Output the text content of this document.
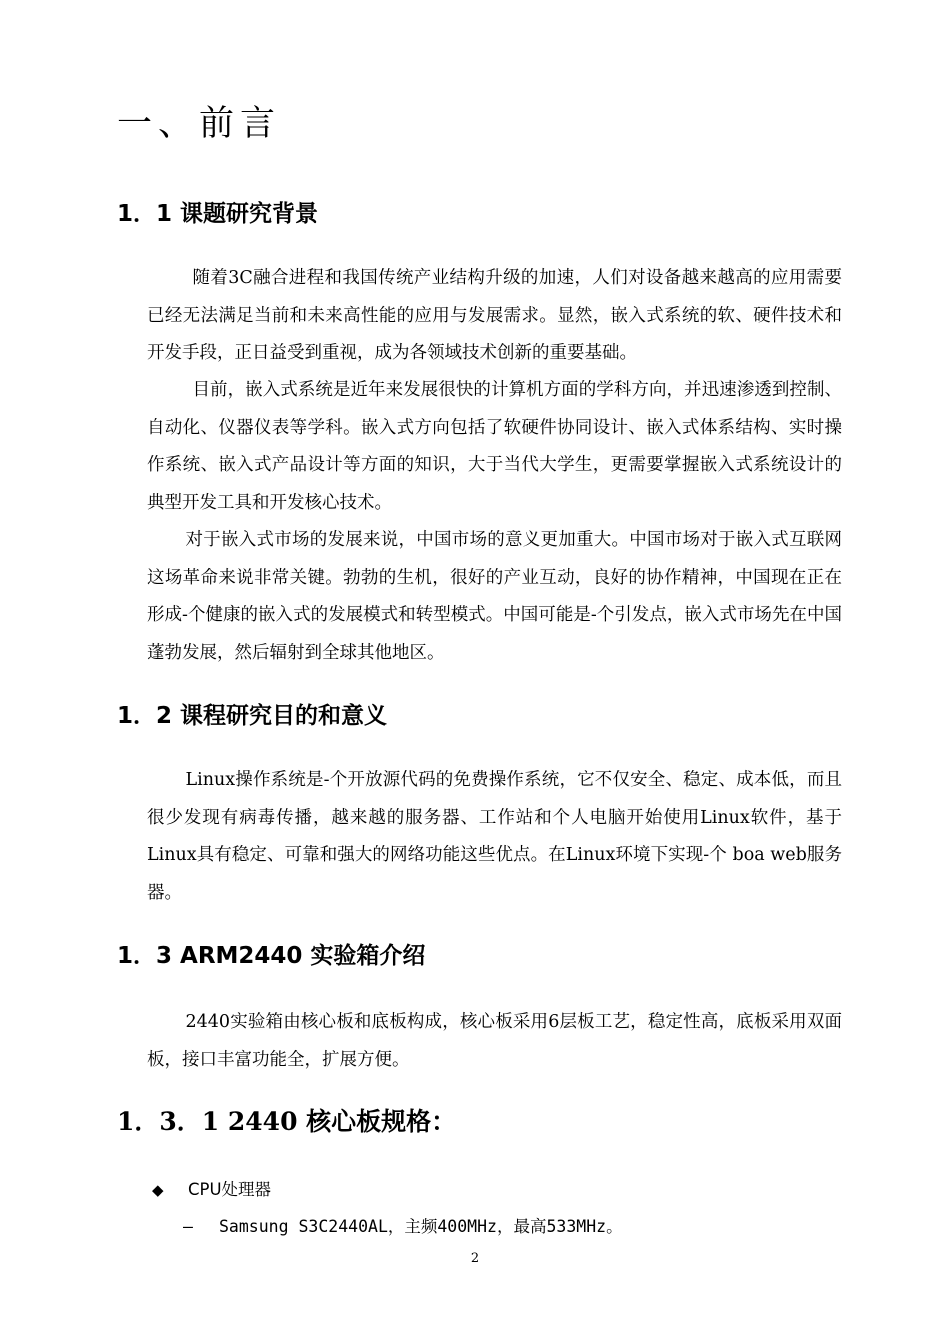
一、前言
1．1 课题研究背景
随着3C融合进程和我国传统产业结构升级的加速，人们对设备越来越高的应用需要已经无法满足当前和未来高性能的应用与发展需求。显然，嵌入式系统的软、硬件技术和开发手段，正日益受到重视，成为各领域技术创新的重要基础。
目前，嵌入式系统是近年来发展很快的计算机方面的学科方向，并迅速渗透到控制、自动化、仪器仪表等学科。嵌入式方向包括了软硬件协同设计、嵌入式体系结构、实时操作系统、嵌入式产品设计等方面的知识，大于当代大学生，更需要掌握嵌入式系统设计的典型开发工具和开发核心技术。
对于嵌入式市场的发展来说，中国市场的意义更加重大。中国市场对于嵌入式互联网这场革命来说非常关键。勃勃的生机，很好的产业互动，良好的协作精神，中国现在正在形成-个健康的嵌入式的发展模式和转型模式。中国可能是-个引发点，嵌入式市场先在中国蓬勃发展，然后辐射到全球其他地区。
1．2 课程研究目的和意义
Linux操作系统是-个开放源代码的免费操作系统，它不仅安全、稳定、成本低，而且很少发现有病毒传播，越来越的服务器、工作站和个人电脑开始使用Linux软件，基于Linux具有稳定、可靠和强大的网络功能这些优点。在Linux环境下实现-个 boa web服务器。
1．3 ARM2440 实验箱介绍
2440实验箱由核心板和底板构成，核心板采用6层板工艺，稳定性高，底板采用双面板，接口丰富功能全，扩展方便。
1．3．1 2440 核心板规格：
◆ CPU处理器
— Samsung S3C2440AL，主频400MHz，最高533MHz。
2
